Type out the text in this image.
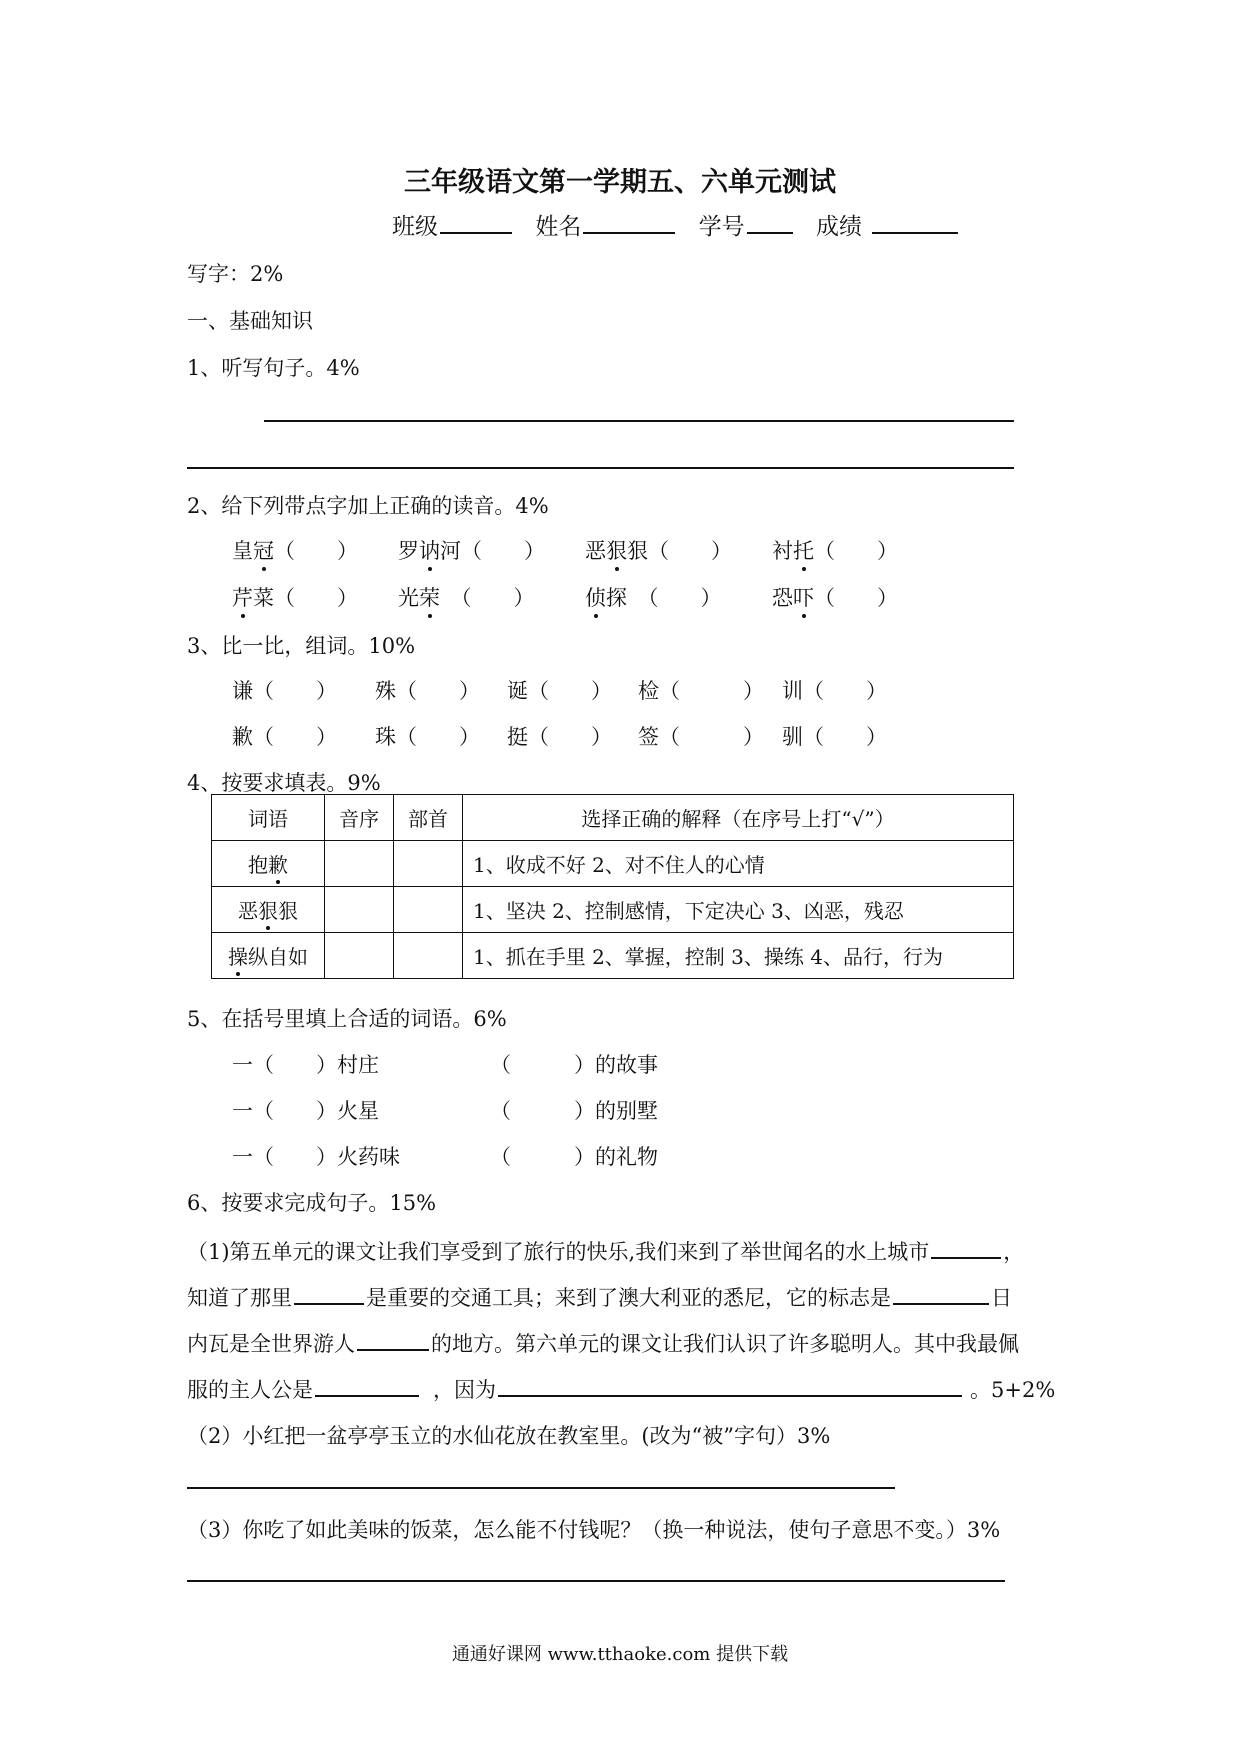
三年级语文第一学期五、六单元测试
班级	姓名	学号	成绩
写字：2%
一、基础知识
1、听写句子。4%
2、给下列带点字加上正确的读音。4%
皇冠（　　） 罗讷河（　　） 恶狠狠（　　） 衬托（　　）
芹菜（　　） 光荣　（　　） 侦探　（　　） 恐吓（　　）
3、比一比，组词。10%
谦（　　） 殊（　　） 诞（　　） 检（　　　） 训（　　）
歉（　　） 珠（　　） 挺（　　） 签（　　　） 驯（　　）
4、按要求填表。9%
词语	音序	部首	选择正确的解释（在序号上打“√”）
抱歉			1、收成不好 2、对不住人的心情
恶狠狠			1、坚决 2、控制感情，下定决心 3、凶恶，残忍
操纵自如			1、抓在手里 2、掌握，控制 3、操练 4、品行，行为
5、在括号里填上合适的词语。6%
一（　　）村庄	（　　　）的故事
一（　　）火星	（　　　）的别墅
一（　　）火药味	（　　　）的礼物
6、按要求完成句子。15%
（1)第五单元的课文让我们享受到了旅行的快乐,我们来到了举世闻名的水上城市	，
知道了那里	是重要的交通工具；来到了澳大利亚的悉尼，它的标志是	日
内瓦是全世界游人	的地方。第六单元的课文让我们认识了许多聪明人。其中我最佩
服的主人公是	，因为	。5+2%
（2）小红把一盆亭亭玉立的水仙花放在教室里。(改为“被”字句）3%
（3）你吃了如此美味的饭菜，怎么能不付钱呢？（换一种说法，使句子意思不变。）3%
通通好课网 www.tthaoke.com 提供下载
